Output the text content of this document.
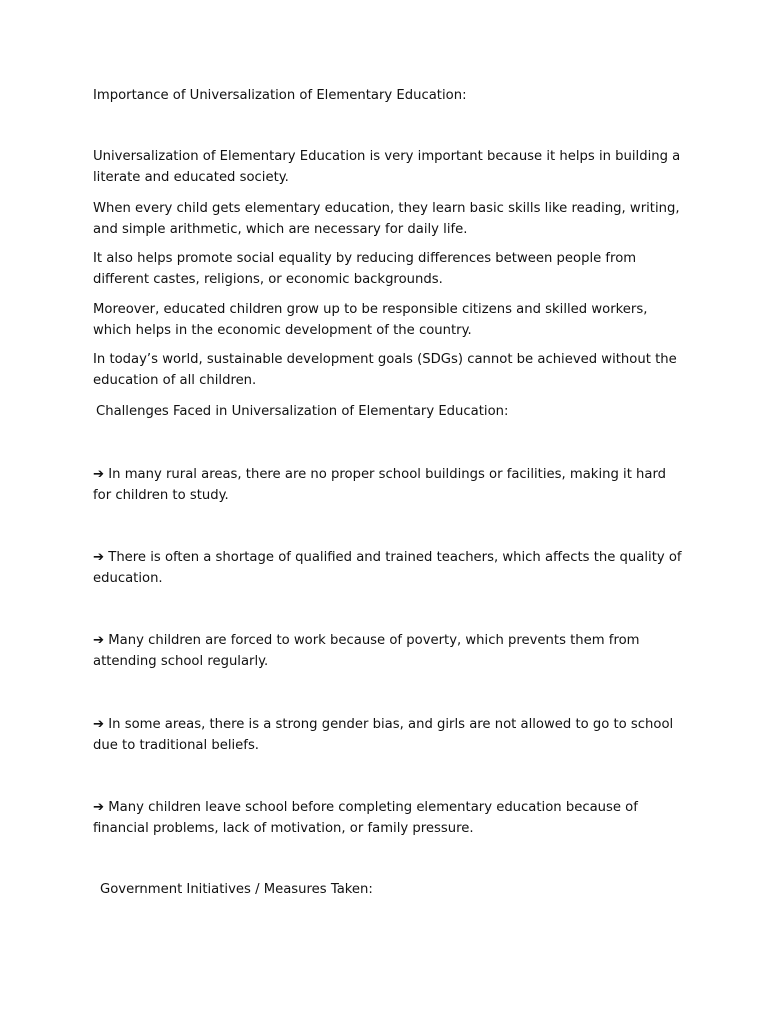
Importance of Universalization of Elementary Education:

Universalization of Elementary Education is very important because it helps in building a literate and educated society.

When every child gets elementary education, they learn basic skills like reading, writing, and simple arithmetic, which are necessary for daily life.

It also helps promote social equality by reducing differences between people from different castes, religions, or economic backgrounds.

Moreover, educated children grow up to be responsible citizens and skilled workers, which helps in the economic development of the country.

In today’s world, sustainable development goals (SDGs) cannot be achieved without the education of all children.

Challenges Faced in Universalization of Elementary Education:

➔ In many rural areas, there are no proper school buildings or facilities, making it hard for children to study.

➔ There is often a shortage of qualified and trained teachers, which affects the quality of education.

➔ Many children are forced to work because of poverty, which prevents them from attending school regularly.

➔ In some areas, there is a strong gender bias, and girls are not allowed to go to school due to traditional beliefs.

➔ Many children leave school before completing elementary education because of financial problems, lack of motivation, or family pressure.

Government Initiatives / Measures Taken:
